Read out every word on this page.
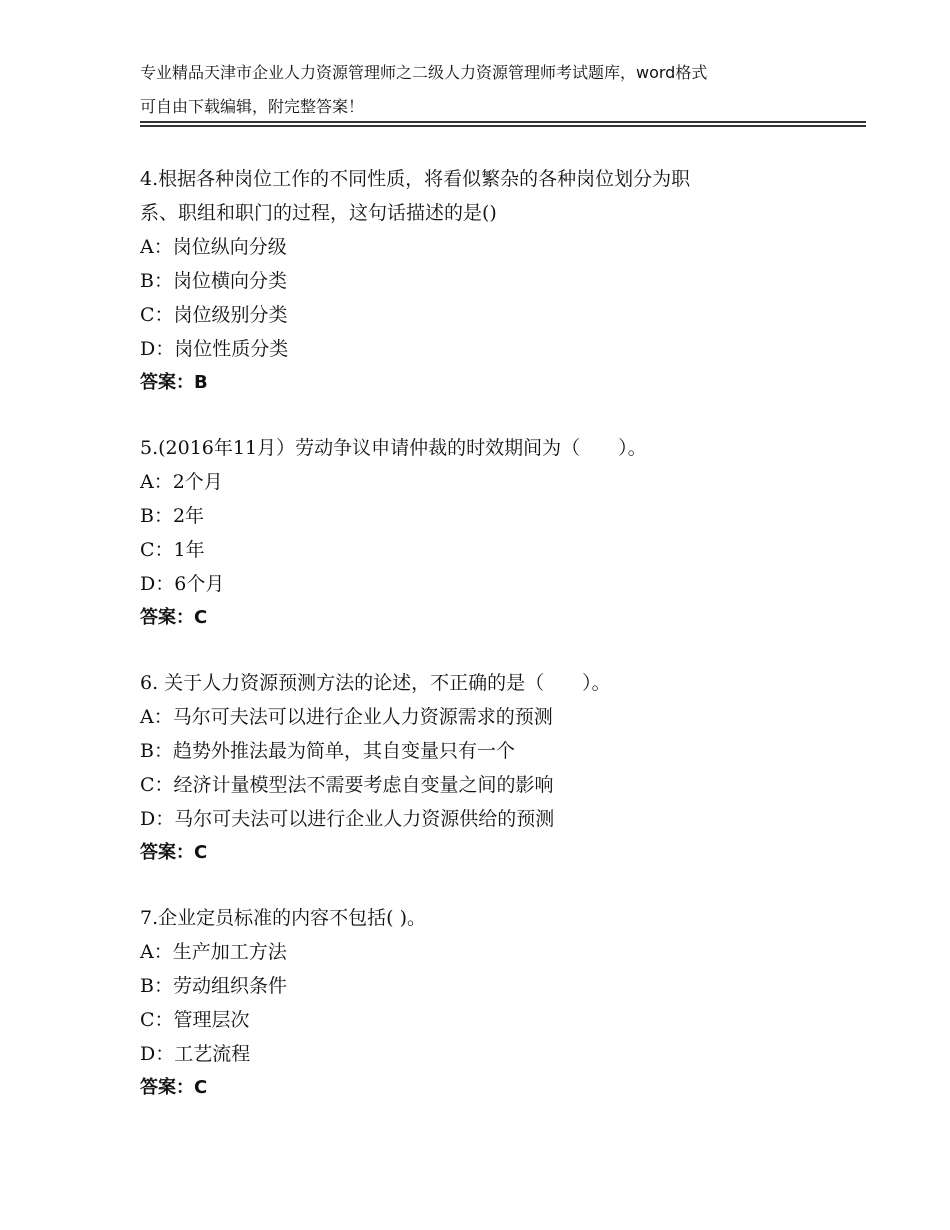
专业精品天津市企业人力资源管理师之二级人力资源管理师考试题库，word格式
可自由下载编辑，附完整答案！
4.根据各种岗位工作的不同性质，将看似繁杂的各种岗位划分为职
系、职组和职门的过程，这句话描述的是()
A：岗位纵向分级
B：岗位横向分类
C：岗位级别分类
D：岗位性质分类
答案：B
5.(2016年11月）劳动争议申请仲裁的时效期间为（　　）。
A：2个月
B：2年
C：1年
D：6个月
答案：C
6. 关于人力资源预测方法的论述，不正确的是（　　）。
A：马尔可夫法可以进行企业人力资源需求的预测
B：趋势外推法最为简单，其自变量只有一个
C：经济计量模型法不需要考虑自变量之间的影响
D：马尔可夫法可以进行企业人力资源供给的预测
答案：C
7.企业定员标准的内容不包括( )。
A：生产加工方法
B：劳动组织条件
C：管理层次
D：工艺流程
答案：C
